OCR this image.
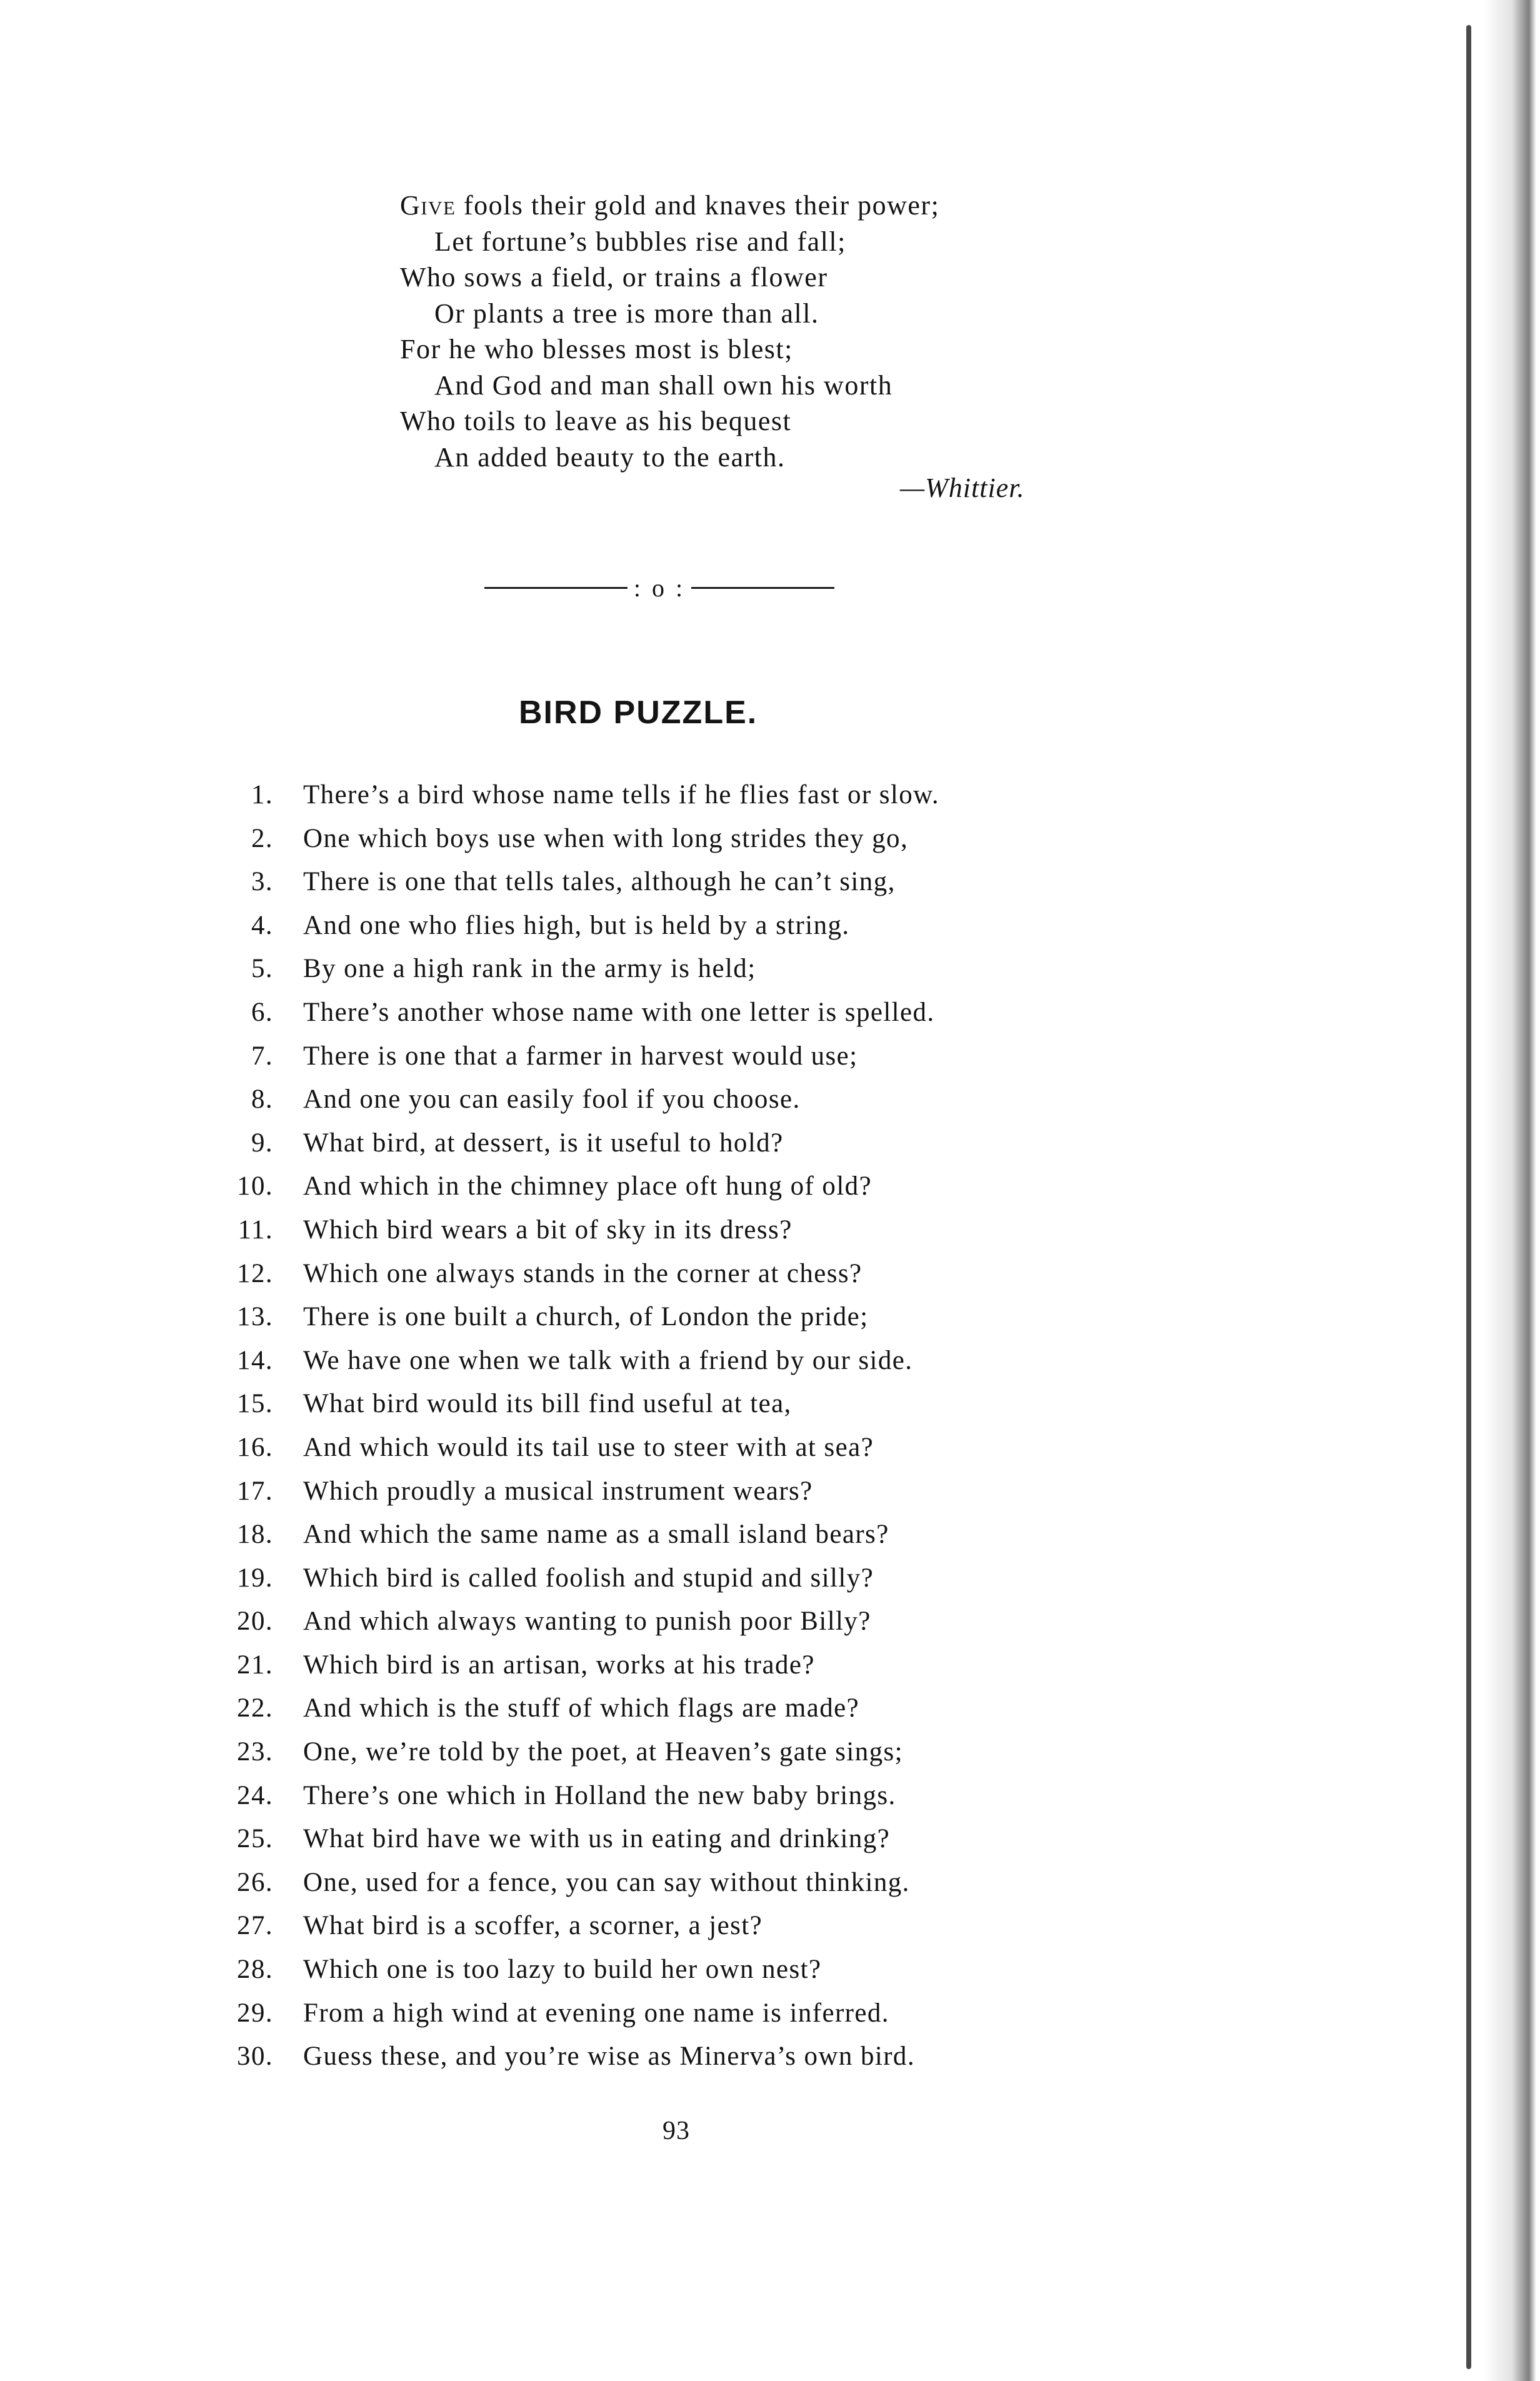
Give fools their gold and knaves their power;
Let fortune’s bubbles rise and fall;
Who sows a field, or trains a flower
Or plants a tree is more than all.
For he who blesses most is blest;
And God and man shall own his worth
Who toils to leave as his bequest
An added beauty to the earth.
—Whittier.
: o :
BIRD PUZZLE.
1. There’s a bird whose name tells if he flies fast or slow.
2. One which boys use when with long strides they go,
3. There is one that tells tales, although he can’t sing,
4. And one who flies high, but is held by a string.
5. By one a high rank in the army is held;
6. There’s another whose name with one letter is spelled.
7. There is one that a farmer in harvest would use;
8. And one you can easily fool if you choose.
9. What bird, at dessert, is it useful to hold?
10. And which in the chimney place oft hung of old?
11. Which bird wears a bit of sky in its dress?
12. Which one always stands in the corner at chess?
13. There is one built a church, of London the pride;
14. We have one when we talk with a friend by our side.
15. What bird would its bill find useful at tea,
16. And which would its tail use to steer with at sea?
17. Which proudly a musical instrument wears?
18. And which the same name as a small island bears?
19. Which bird is called foolish and stupid and silly?
20. And which always wanting to punish poor Billy?
21. Which bird is an artisan, works at his trade?
22. And which is the stuff of which flags are made?
23. One, we’re told by the poet, at Heaven’s gate sings;
24. There’s one which in Holland the new baby brings.
25. What bird have we with us in eating and drinking?
26. One, used for a fence, you can say without thinking.
27. What bird is a scoffer, a scorner, a jest?
28. Which one is too lazy to build her own nest?
29. From a high wind at evening one name is inferred.
30. Guess these, and you’re wise as Minerva’s own bird.
93
